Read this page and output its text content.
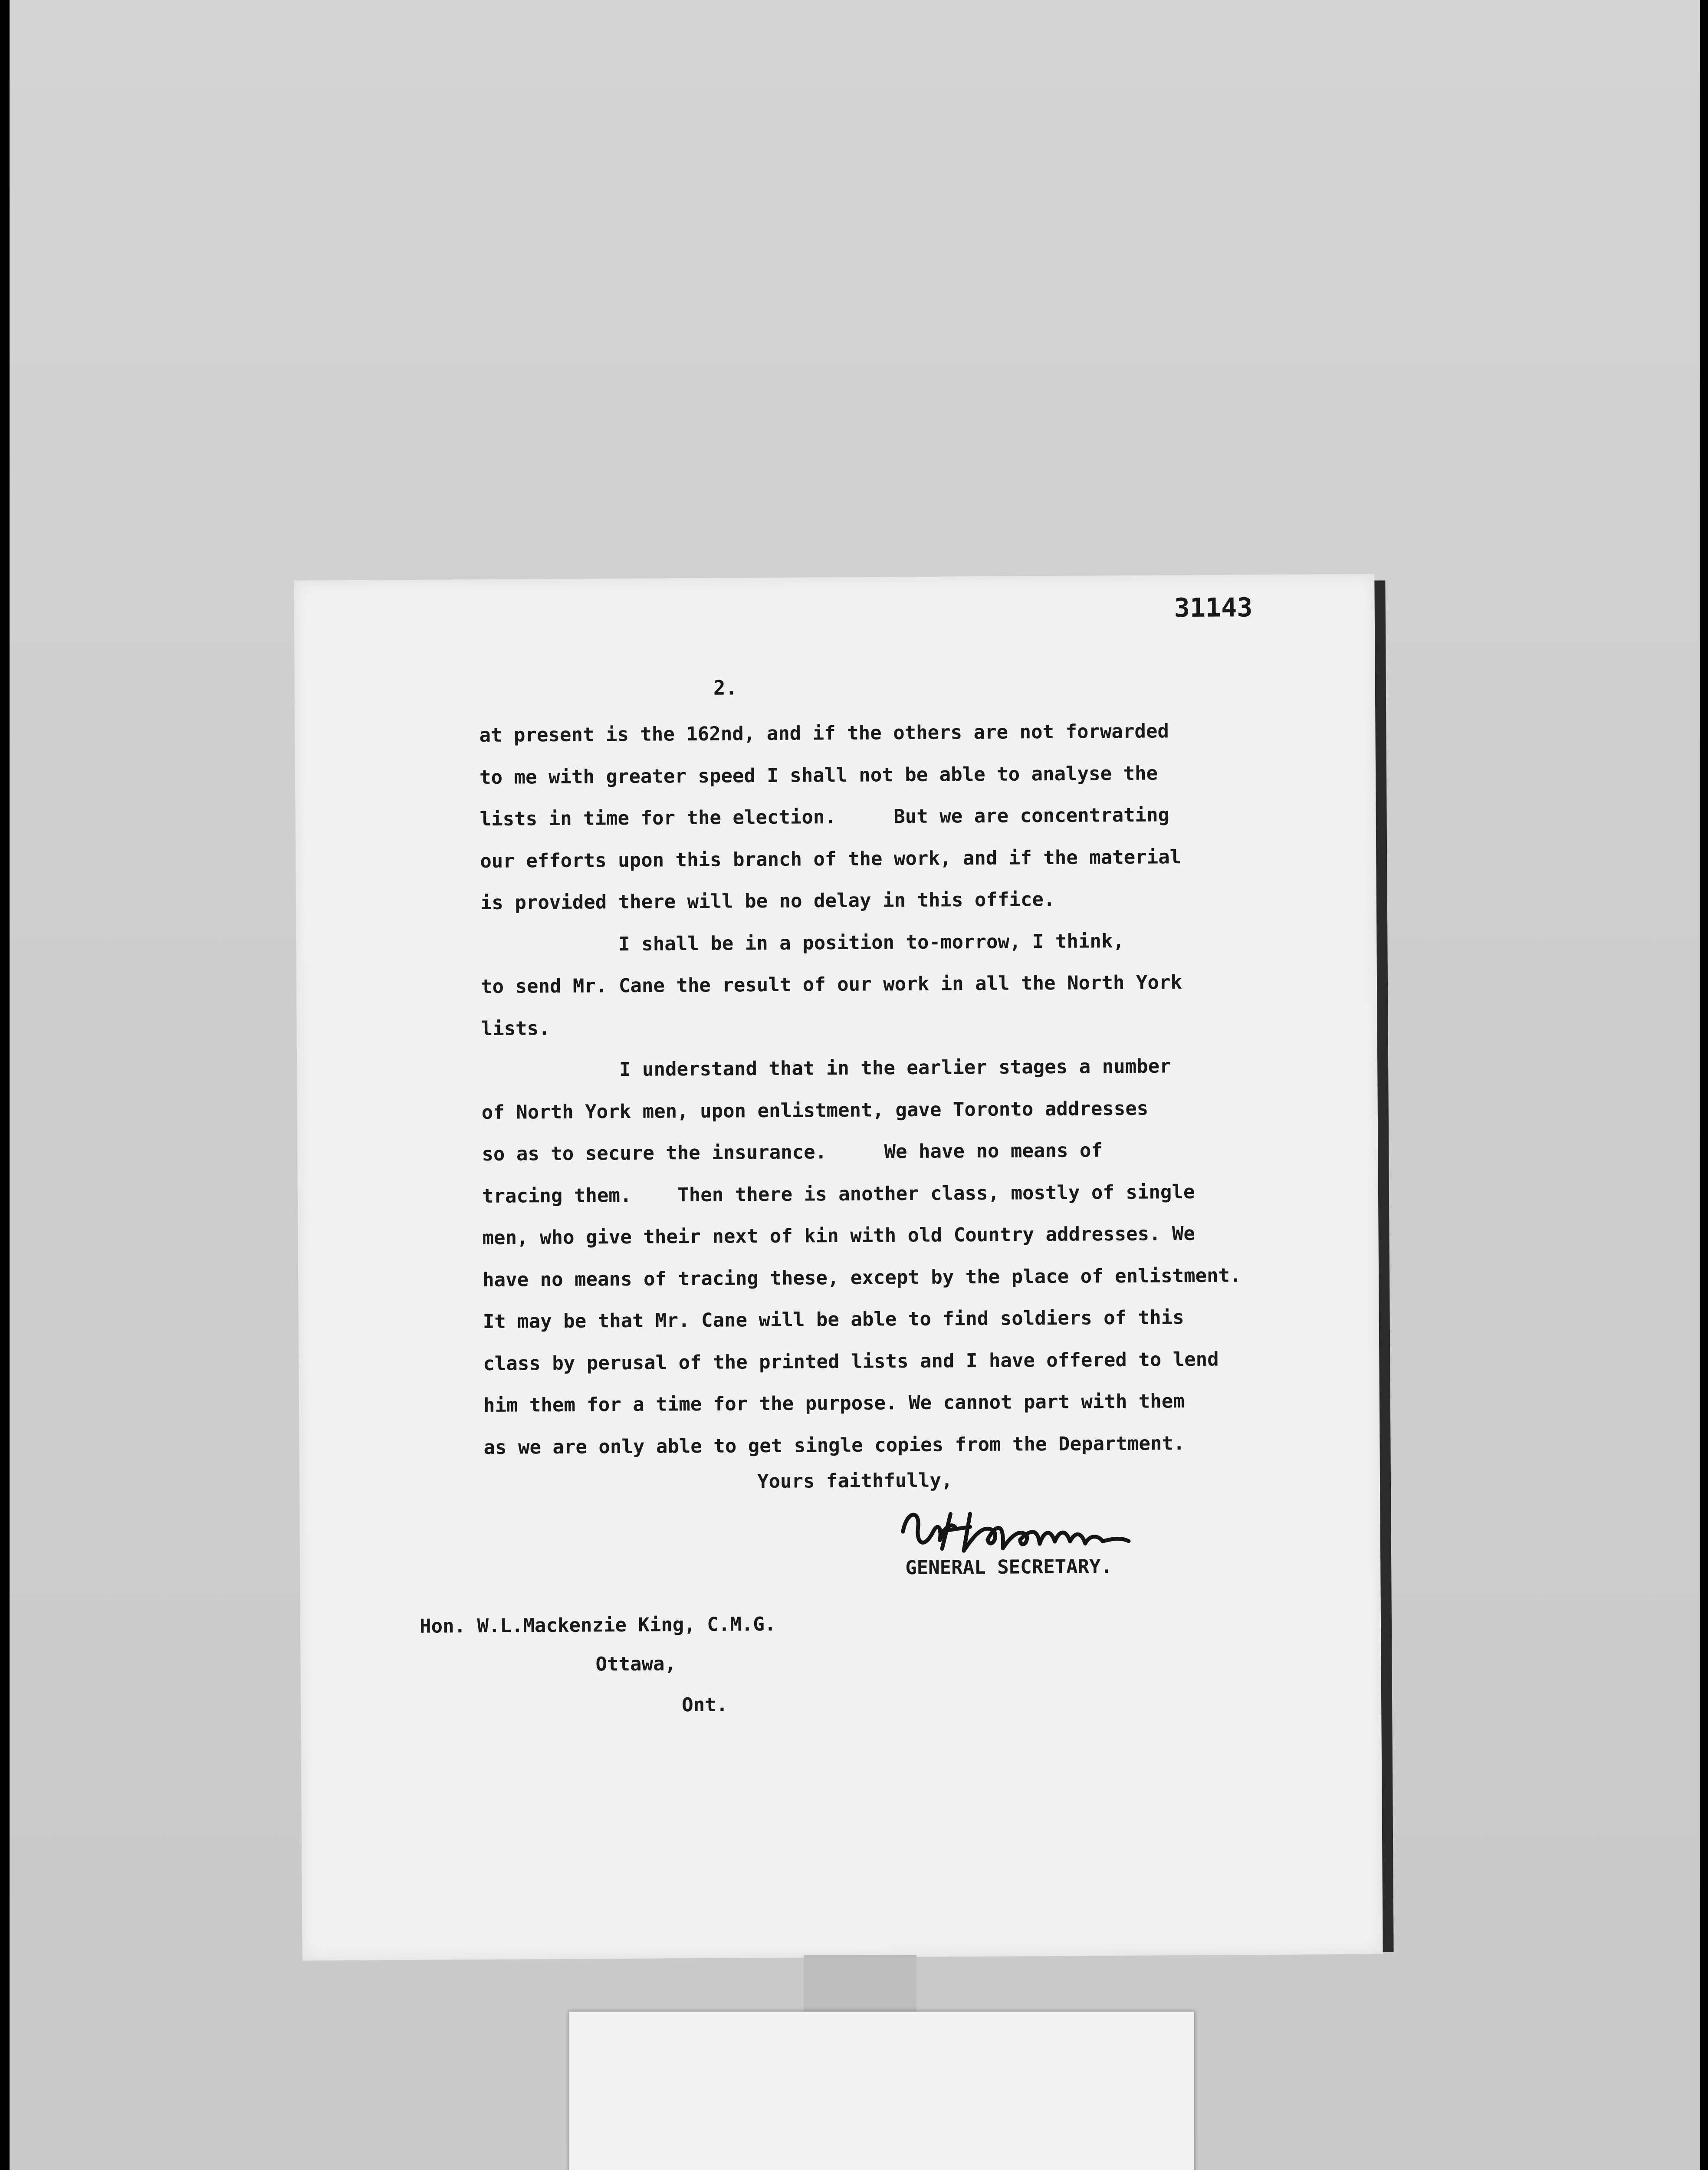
31143
2.
at present is the 162nd, and if the others are not forwarded
to me with greater speed I shall not be able to analyse the
lists in time for the election.     But we are concentrating
our efforts upon this branch of the work, and if the material
is provided there will be no delay in this office.
I shall be in a position to-morrow, I think,
to send Mr. Cane the result of our work in all the North York
lists.
I understand that in the earlier stages a number
of North York men, upon enlistment, gave Toronto addresses
so as to secure the insurance.     We have no means of
tracing them.    Then there is another class, mostly of single
men, who give their next of kin with old Country addresses. We
have no means of tracing these, except by the place of enlistment.
It may be that Mr. Cane will be able to find soldiers of this
class by perusal of the printed lists and I have offered to lend
him them for a time for the purpose. We cannot part with them
as we are only able to get single copies from the Department.
Yours faithfully,
GENERAL SECRETARY.
Hon. W.L.Mackenzie King, C.M.G.
Ottawa,
Ont.
